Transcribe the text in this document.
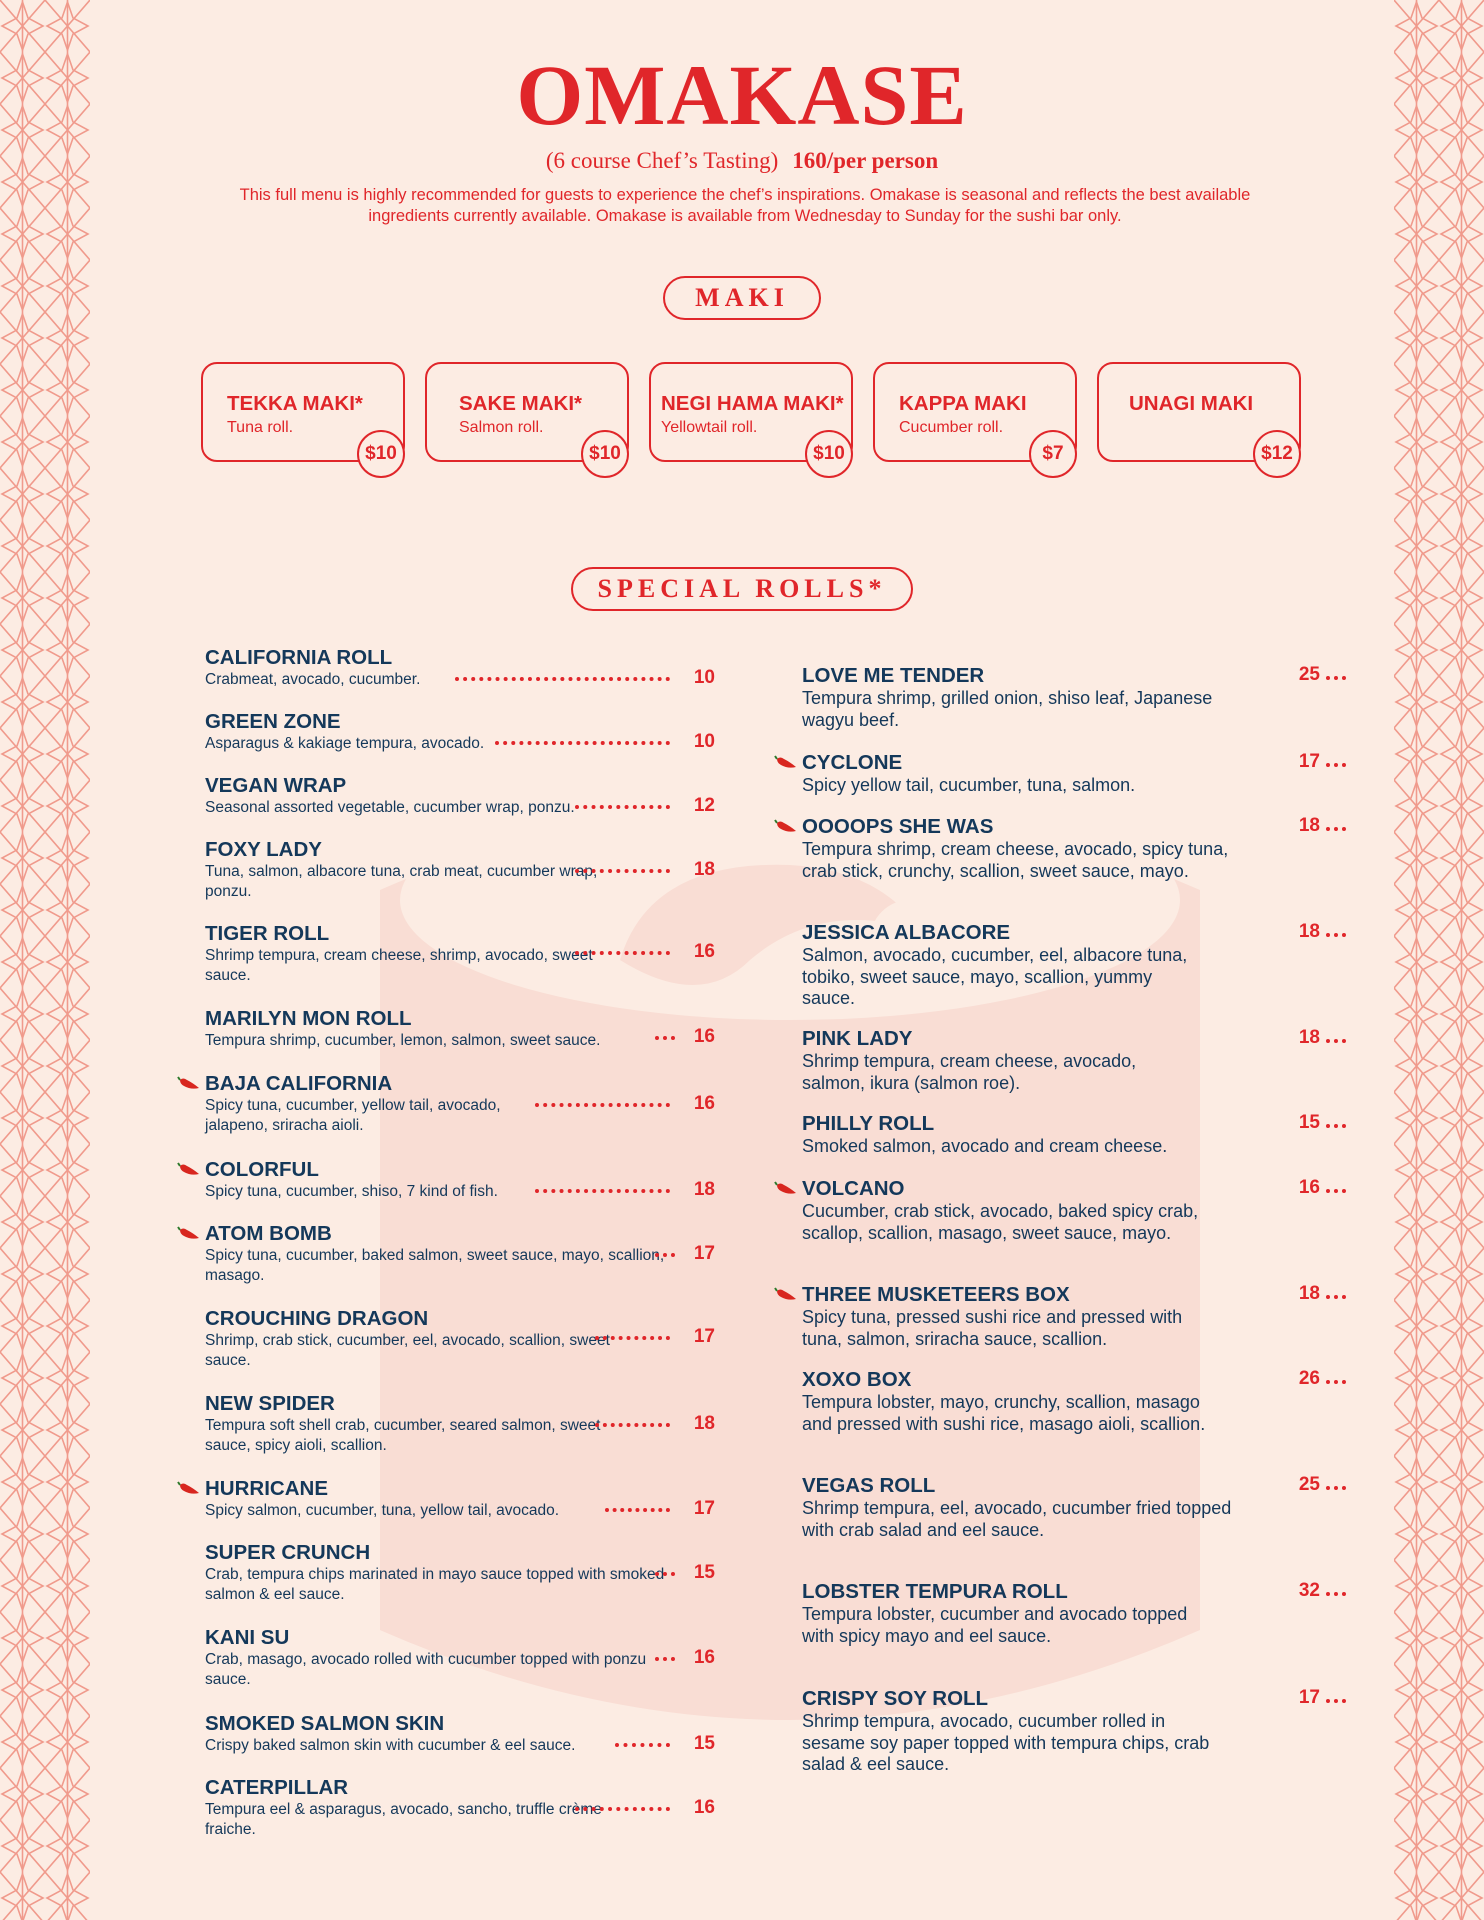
OMAKASE
(6 course Chef’s Tasting) 160/per person
This full menu is highly recommended for guests to experience the chef’s inspirations. Omakase is seasonal and reflects the best available ingredients currently available. Omakase is available from Wednesday to Sunday for the sushi bar only.
MAKI
TEKKA MAKI*
Tuna roll.
$10
SAKE MAKI*
Salmon roll.
$10
NEGI HAMA MAKI*
Yellowtail roll.
$10
KAPPA MAKI
Cucumber roll.
$7
UNAGI MAKI
$12
SPECIAL ROLLS*
CALIFORNIA ROLL
Crabmeat, avocado, cucumber.	10
GREEN ZONE
Asparagus & kakiage tempura, avocado.	10
VEGAN WRAP
Seasonal assorted vegetable, cucumber wrap, ponzu.	12
FOXY LADY
Tuna, salmon, albacore tuna, crab meat, cucumber wrap, ponzu.
18
TIGER ROLL
Shrimp tempura, cream cheese, shrimp, avocado, sweet sauce.
16
MARILYN MON ROLL
Tempura shrimp, cucumber, lemon, salmon, sweet sauce.	16
BAJA CALIFORNIA
Spicy tuna, cucumber, yellow tail, avocado, jalapeno, sriracha aioli.
16
COLORFUL
Spicy tuna, cucumber, shiso, 7 kind of fish.	18
ATOM BOMB
Spicy tuna, cucumber, baked salmon, sweet sauce, mayo, scallion, masago.
17
CROUCHING DRAGON
Shrimp, crab stick, cucumber, eel, avocado, scallion, sweet sauce.
17
NEW SPIDER
Tempura soft shell crab, cucumber, seared salmon, sweet sauce, spicy aioli, scallion.
18
HURRICANE
Spicy salmon, cucumber, tuna, yellow tail, avocado.	17
SUPER CRUNCH
Crab, tempura chips marinated in mayo sauce topped with smoked salmon & eel sauce.
15
KANI SU
Crab, masago, avocado rolled with cucumber topped with ponzu sauce.
16
SMOKED SALMON SKIN
Crispy baked salmon skin with cucumber & eel sauce.	15
CATERPILLAR
Tempura eel & asparagus, avocado, sancho, truffle crème fraiche.
16
LOVE ME TENDER
Tempura shrimp, grilled onion, shiso leaf, Japanese wagyu beef.
25
CYCLONE
Spicy yellow tail, cucumber, tuna, salmon.
17
OOOOPS SHE WAS
Tempura shrimp, cream cheese, avocado, spicy tuna, crab stick, crunchy, scallion, sweet sauce, mayo.
18
JESSICA ALBACORE
Salmon, avocado, cucumber, eel, albacore tuna, tobiko, sweet sauce, mayo, scallion, yummy sauce.
18
PINK LADY
Shrimp tempura, cream cheese, avocado, salmon, ikura (salmon roe).
18
PHILLY ROLL
Smoked salmon, avocado and cream cheese.
15
VOLCANO
Cucumber, crab stick, avocado, baked spicy crab, scallop, scallion, masago, sweet sauce, mayo.
16
THREE MUSKETEERS BOX
Spicy tuna, pressed sushi rice and pressed with tuna, salmon, sriracha sauce, scallion.
18
XOXO BOX
Tempura lobster, mayo, crunchy, scallion, masago and pressed with sushi rice, masago aioli, scallion.
26
VEGAS ROLL
Shrimp tempura, eel, avocado, cucumber fried topped with crab salad and eel sauce.
25
LOBSTER TEMPURA ROLL
Tempura lobster, cucumber and avocado topped with spicy mayo and eel sauce.
32
CRISPY SOY ROLL
Shrimp tempura, avocado, cucumber rolled in sesame soy paper topped with tempura chips, crab salad & eel sauce.
17
